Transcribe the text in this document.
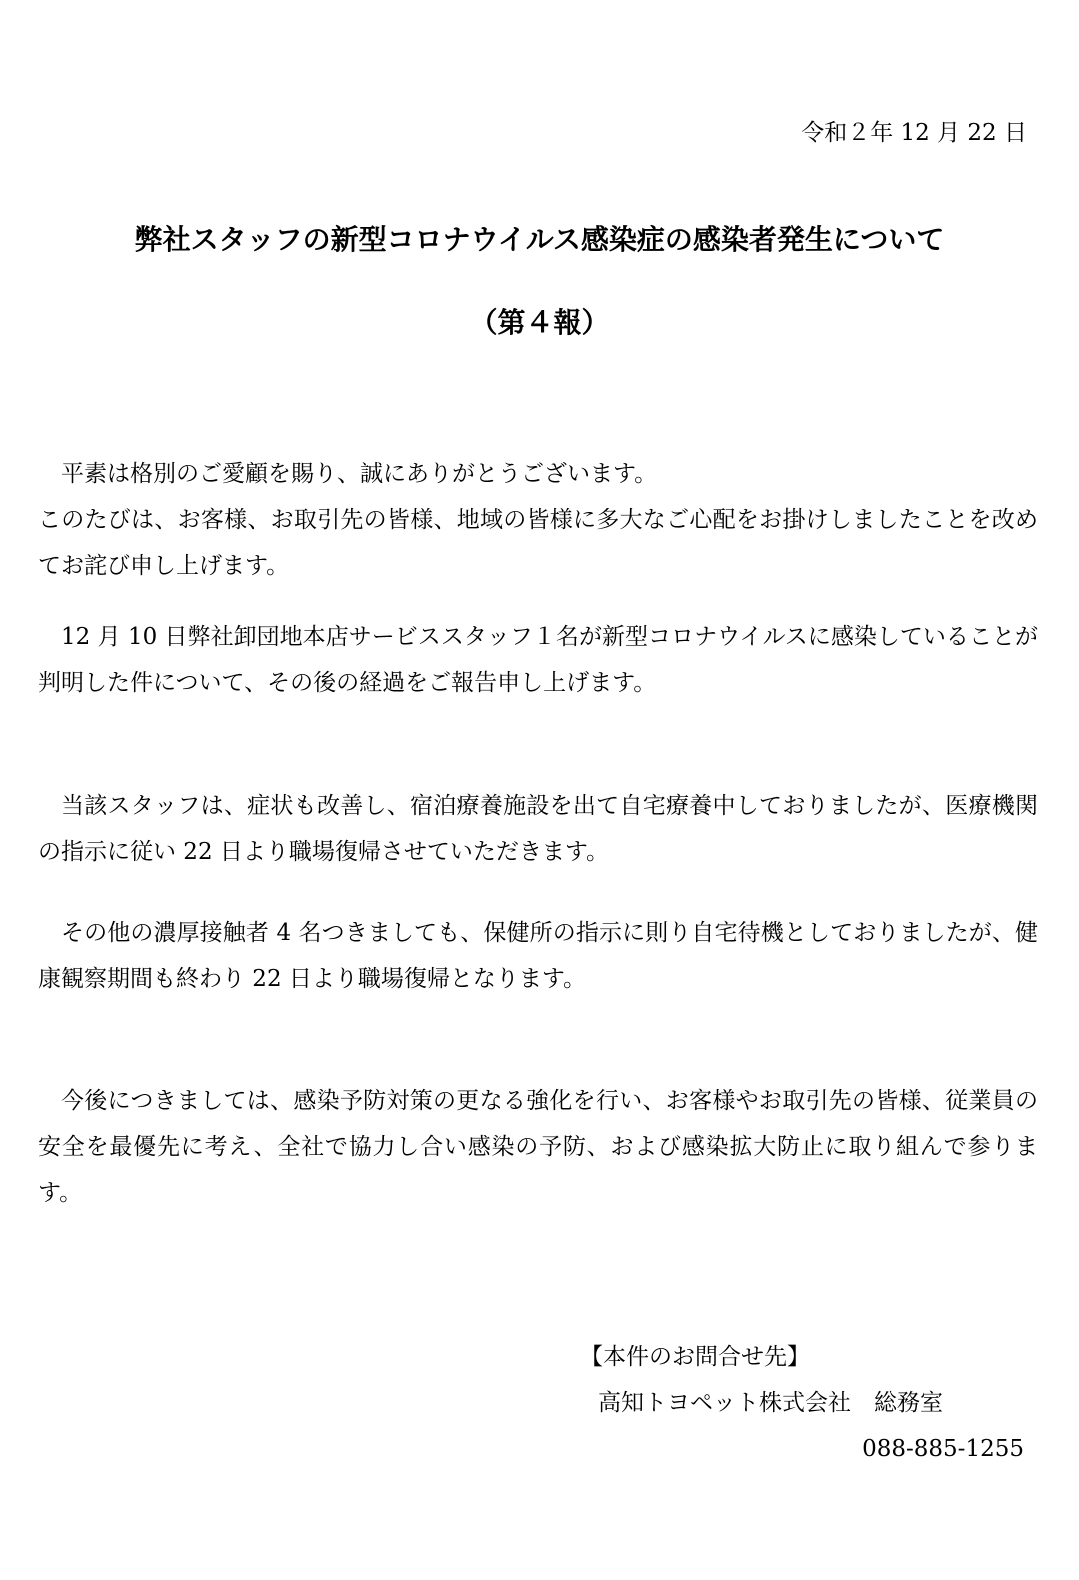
令和２年 12 月 22 日
弊社スタッフの新型コロナウイルス感染症の感染者発生について
（第４報）

平素は格別のご愛顧を賜り、誠にありがとうございます。

このたびは、お客様、お取引先の皆様、地域の皆様に多大なご心配をお掛けしましたことを改めてお詫び申し上げます。

12 月 10 日弊社卸団地本店サービススタッフ１名が新型コロナウイルスに感染していることが判明した件について、その後の経過をご報告申し上げます。

当該スタッフは、症状も改善し、宿泊療養施設を出て自宅療養中しておりましたが、医療機関の指示に従い 22 日より職場復帰させていただきます。

その他の濃厚接触者 4 名つきましても、保健所の指示に則り自宅待機としておりましたが、健康観察期間も終わり 22 日より職場復帰となります。

今後につきましては、感染予防対策の更なる強化を行い、お客様やお取引先の皆様、従業員の安全を最優先に考え、全社で協力し合い感染の予防、および感染拡大防止に取り組んで参ります。

【本件のお問合せ先】
高知トヨペット株式会社　総務室
088-885-1255
